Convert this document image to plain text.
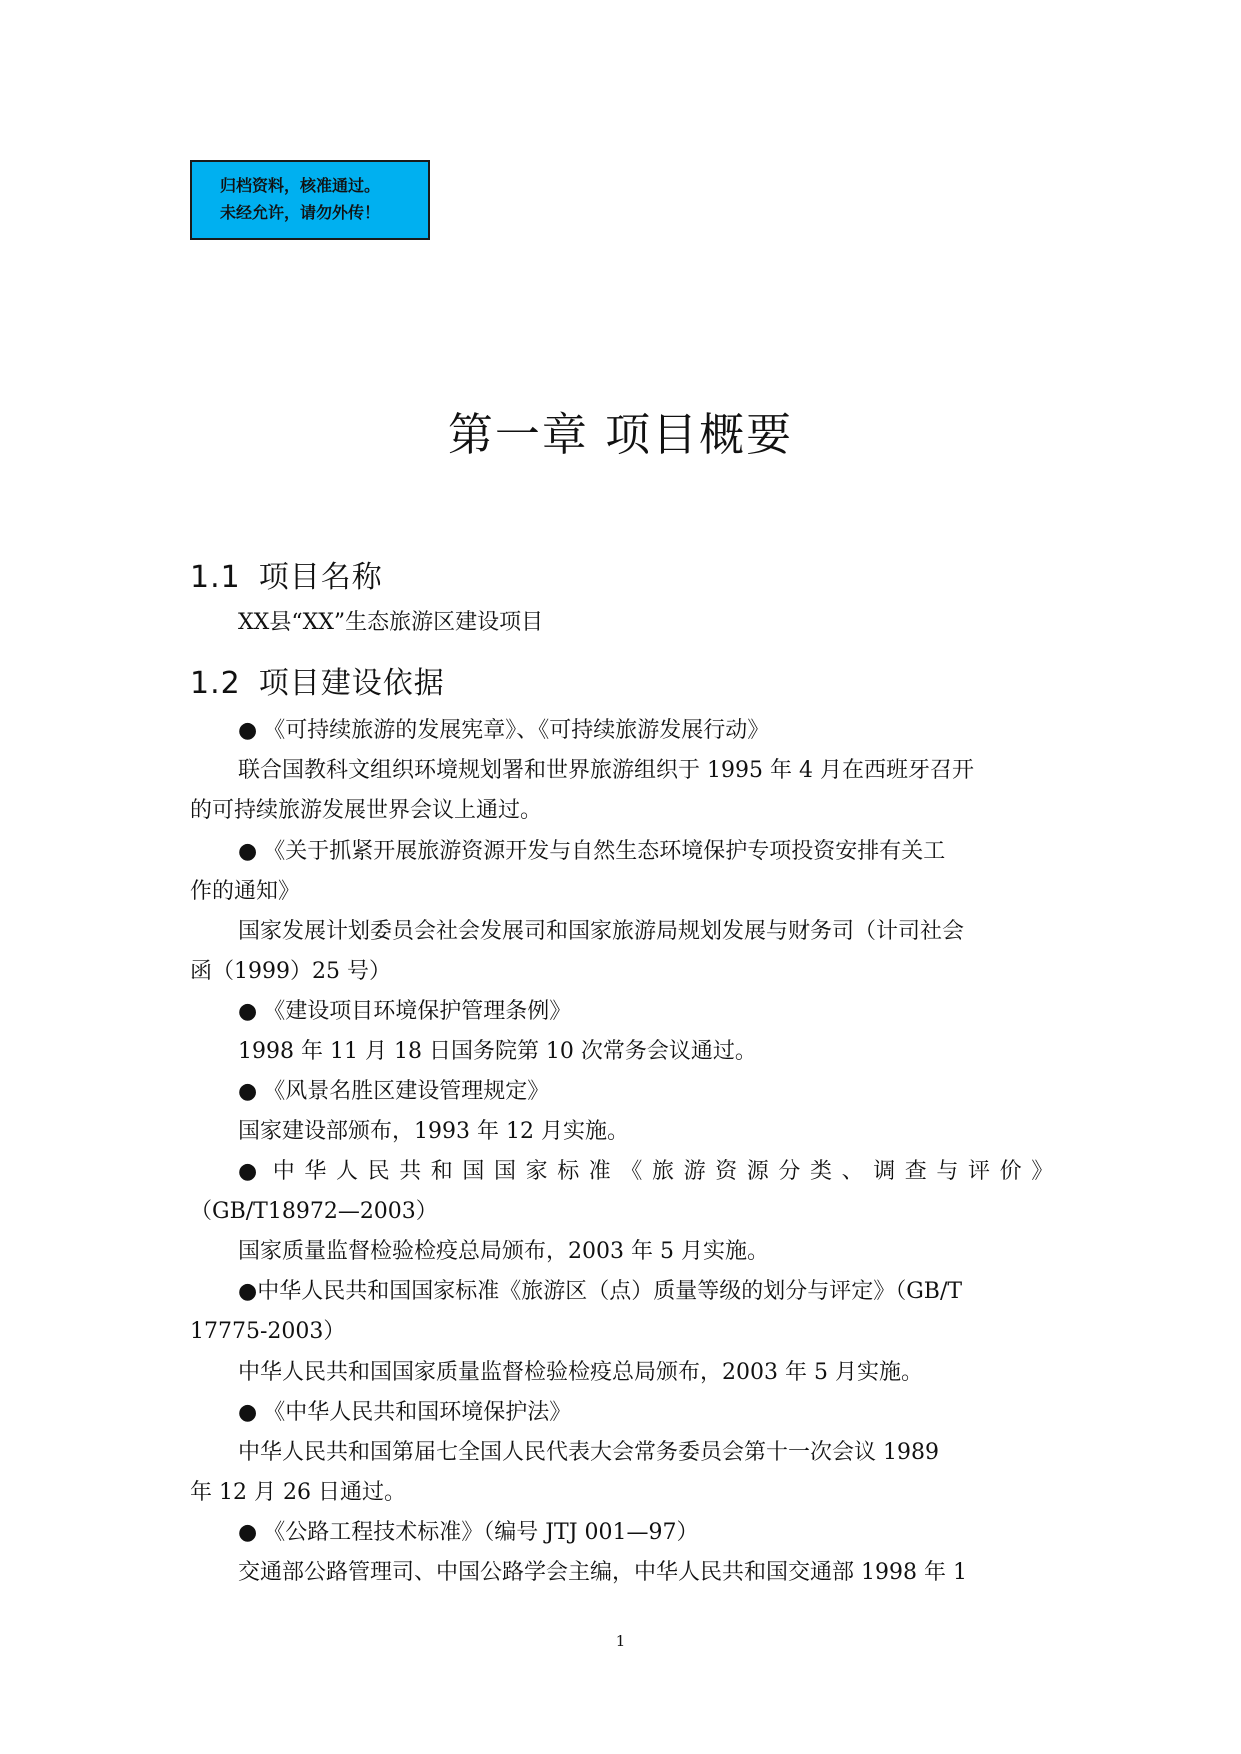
归档资料，核准通过。
未经允许，请勿外传！
第一章 项目概要
1.1 项目名称
XX县“XX”生态旅游区建设项目
1.2 项目建设依据
● 《可持续旅游的发展宪章》、《可持续旅游发展行动》
联合国教科文组织环境规划署和世界旅游组织于 1995 年 4 月在西班牙召开
的可持续旅游发展世界会议上通过。
● 《关于抓紧开展旅游资源开发与自然生态环境保护专项投资安排有关工
作的通知》
国家发展计划委员会社会发展司和国家旅游局规划发展与财务司（计司社会
函（1999）25 号）
● 《建设项目环境保护管理条例》
1998 年 11 月 18 日国务院第 10 次常务会议通过。
● 《风景名胜区建设管理规定》
国家建设部颁布，1993 年 12 月实施。
● 中华人民共和国国家标准《旅游资源分类、调查与评价》
（GB/T18972—2003）
国家质量监督检验检疫总局颁布，2003 年 5 月实施。
●中华人民共和国国家标准《旅游区（点）质量等级的划分与评定》（GB/T
17775-2003）
中华人民共和国国家质量监督检验检疫总局颁布，2003 年 5 月实施。
● 《中华人民共和国环境保护法》
中华人民共和国第届七全国人民代表大会常务委员会第十一次会议 1989
年 12 月 26 日通过。
● 《公路工程技术标准》（编号 JTJ 001—97）
交通部公路管理司、中国公路学会主编，中华人民共和国交通部 1998 年 1
1
